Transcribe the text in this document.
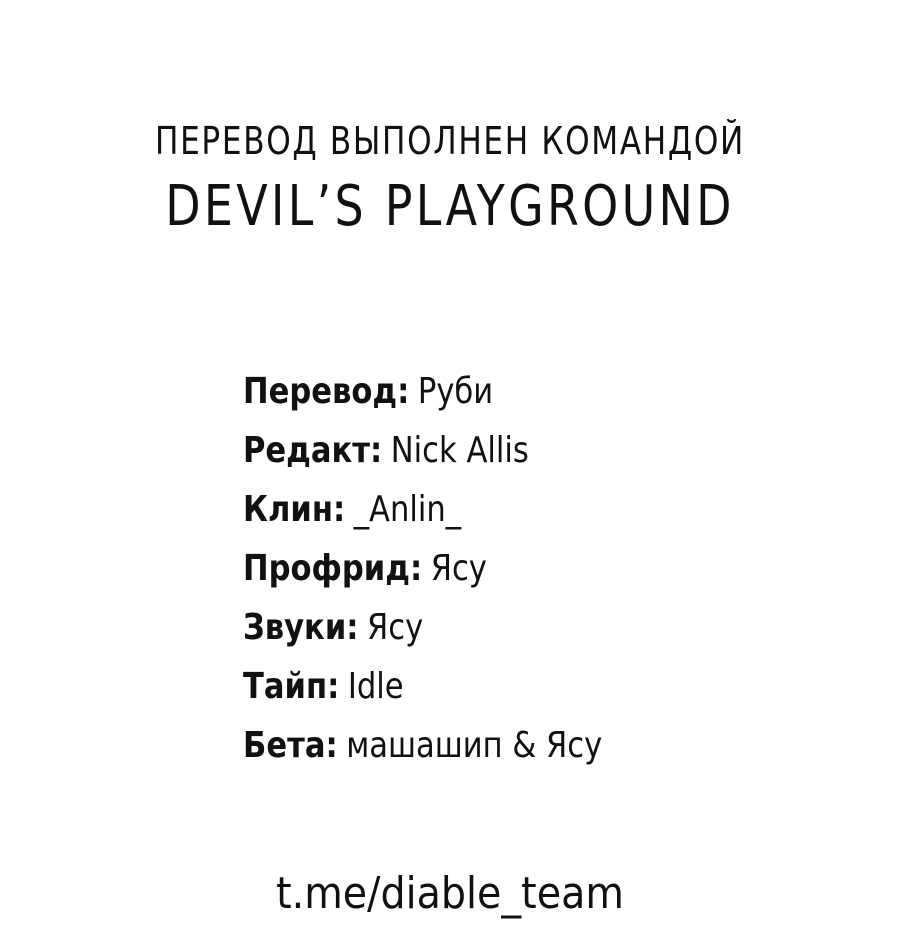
ПЕРЕВОД ВЫПОЛНЕН КОМАНДОЙ
DEVIL’S PLAYGROUND
Перевод: Руби
Редакт: Nick Allis
Клин: _Anlin_
Профрид: Ясу
Звуки: Ясу
Тайп: Idle
Бета: машашип & Ясу
t.me/diable_team
